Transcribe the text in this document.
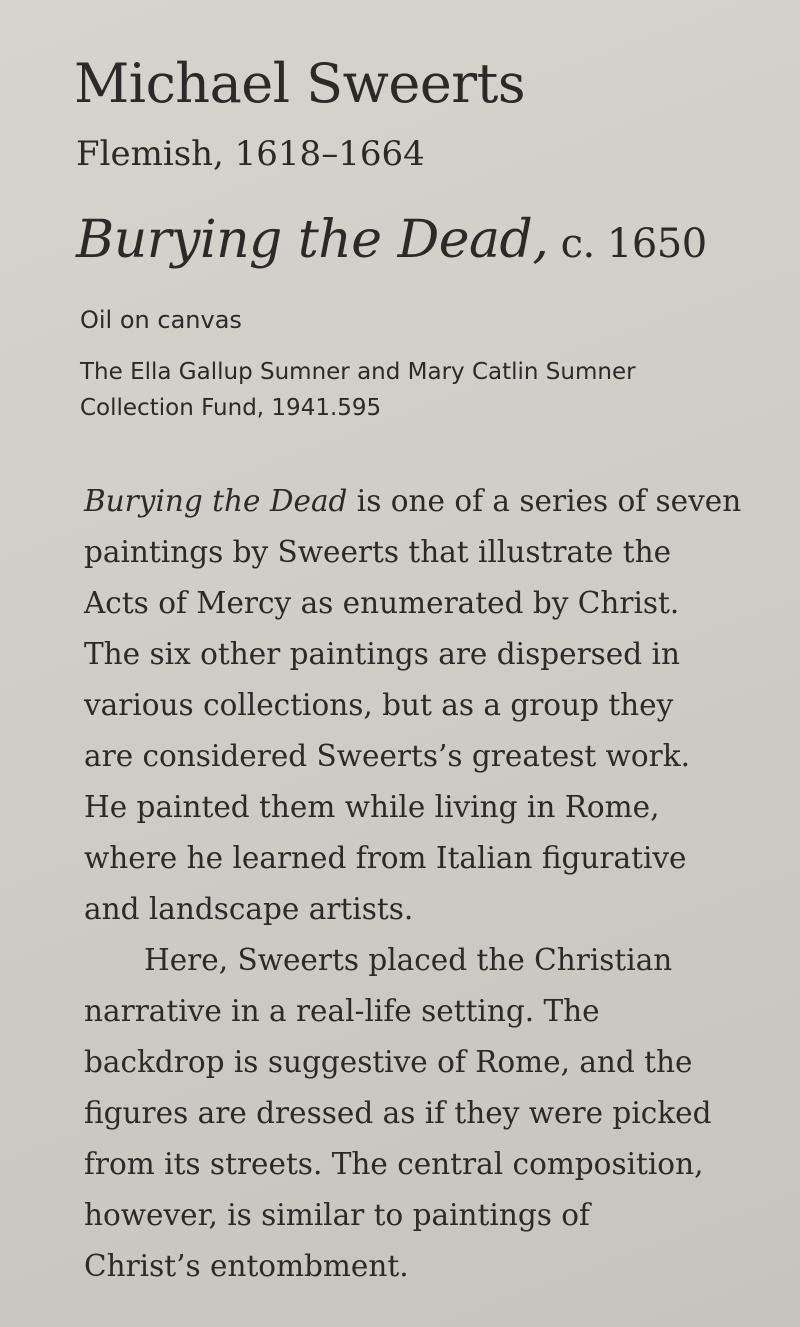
Michael Sweerts
Flemish, 1618–1664
Burying the Dead, c. 1650
Oil on canvas
The Ella Gallup Sumner and Mary Catlin Sumner
Collection Fund, 1941.595
Burying the Dead is one of a series of seven
paintings by Sweerts that illustrate the
Acts of Mercy as enumerated by Christ.
The six other paintings are dispersed in
various collections, but as a group they
are considered Sweerts’s greatest work.
He painted them while living in Rome,
where he learned from Italian figurative
and landscape artists.
Here, Sweerts placed the Christian
narrative in a real-life setting. The
backdrop is suggestive of Rome, and the
figures are dressed as if they were picked
from its streets. The central composition,
however, is similar to paintings of
Christ’s entombment.
